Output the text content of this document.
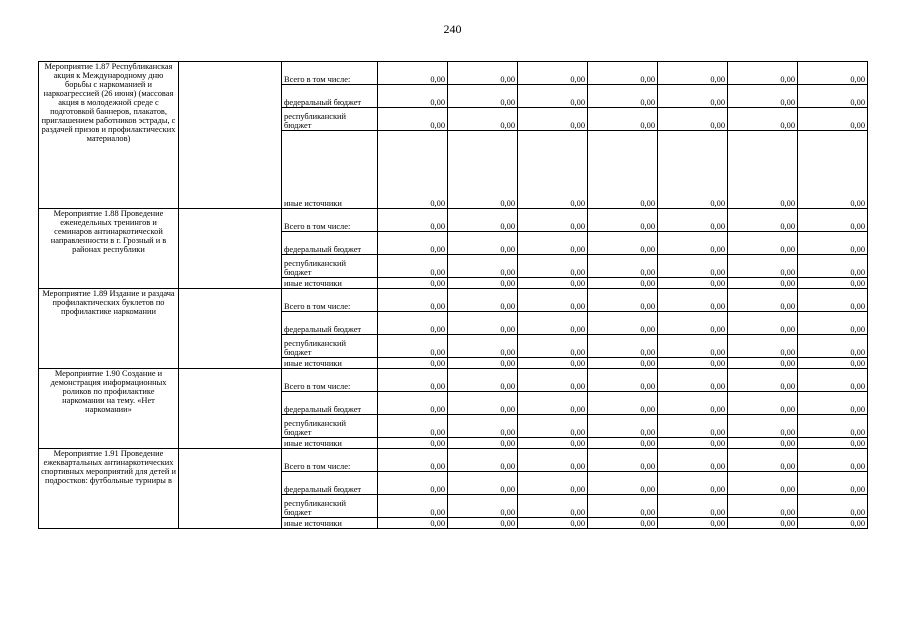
240
Мероприятие 1.87 Республиканская акция к Международному дню борьбы с наркоманией и наркоагрессией (26 июня) (массовая акция в молодежной среде с подготовкой баннеров, плакатов, приглашением работников эстрады, с раздачей призов и профилактических материалов)		Всего в том числе:	0,00	0,00	0,00	0,00	0,00	0,00	0,00
		федеральный бюджет	0,00	0,00	0,00	0,00	0,00	0,00	0,00
		республиканский бюджет	0,00	0,00	0,00	0,00	0,00	0,00	0,00
		иные источники	0,00	0,00	0,00	0,00	0,00	0,00	0,00
Мероприятие 1.88 Проведение еженедельных тренингов и семинаров антинаркотической направленности в г. Грозный и в районах республики		Всего в том числе:	0,00	0,00	0,00	0,00	0,00	0,00	0,00
		федеральный бюджет	0,00	0,00	0,00	0,00	0,00	0,00	0,00
		республиканский бюджет	0,00	0,00	0,00	0,00	0,00	0,00	0,00
		иные источники	0,00	0,00	0,00	0,00	0,00	0,00	0,00
Мероприятие 1.89 Издание и раздача профилактических буклетов по профилактике наркомании		Всего в том числе:	0,00	0,00	0,00	0,00	0,00	0,00	0,00
		федеральный бюджет	0,00	0,00	0,00	0,00	0,00	0,00	0,00
		республиканский бюджет	0,00	0,00	0,00	0,00	0,00	0,00	0,00
		иные источники	0,00	0,00	0,00	0,00	0,00	0,00	0,00
Мероприятие 1.90 Создание и демонстрация информационных роликов по профилактике наркомании на тему. «Нет наркомании»		Всего в том числе:	0,00	0,00	0,00	0,00	0,00	0,00	0,00
		федеральный бюджет	0,00	0,00	0,00	0,00	0,00	0,00	0,00
		республиканский бюджет	0,00	0,00	0,00	0,00	0,00	0,00	0,00
		иные источники	0,00	0,00	0,00	0,00	0,00	0,00	0,00
Мероприятие 1.91 Проведение ежеквартальных антинаркотических спортивных мероприятий для детей и подростков: футбольные турниры в		Всего в том числе:	0,00	0,00	0,00	0,00	0,00	0,00	0,00
		федеральный бюджет	0,00	0,00	0,00	0,00	0,00	0,00	0,00
		республиканский бюджет	0,00	0,00	0,00	0,00	0,00	0,00	0,00
		иные источники	0,00	0,00	0,00	0,00	0,00	0,00	0,00
